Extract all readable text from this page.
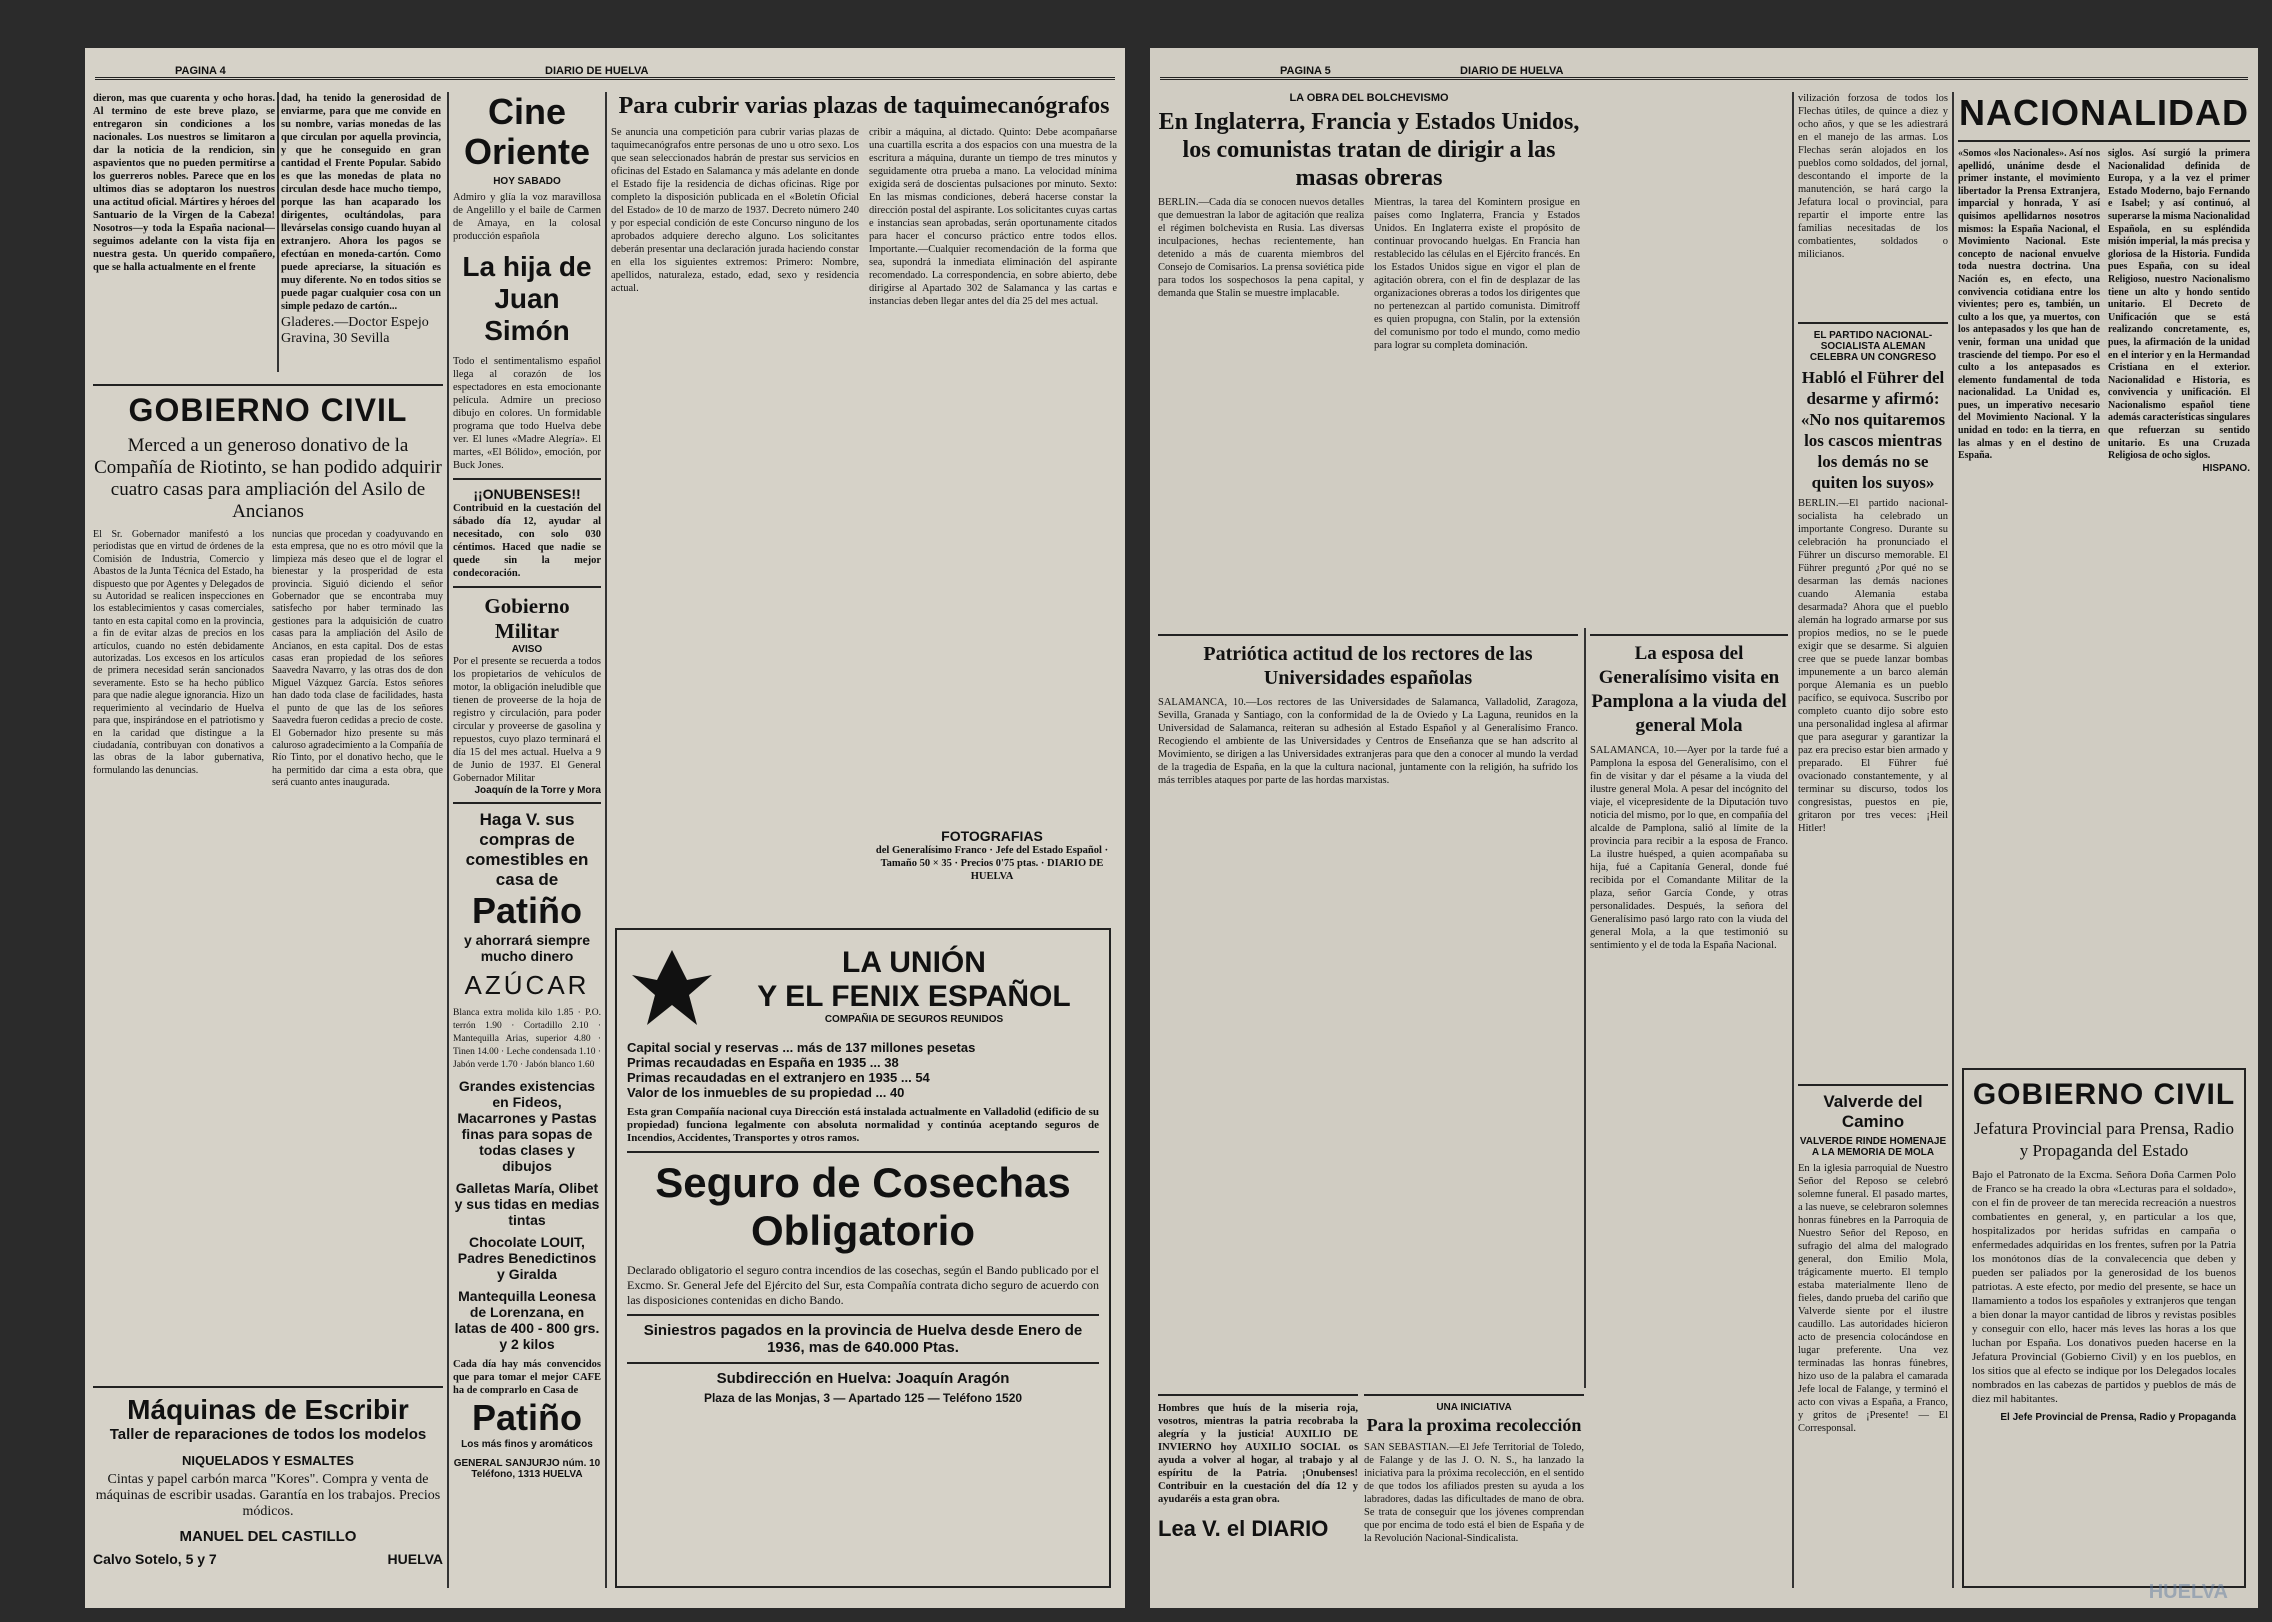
PAGINA 4	DIARIO DE HUELVA
dieron, mas que cuarenta y ocho horas. Al termino de este breve plazo, se entregaron sin condiciones a los nacionales. Los nuestros se limitaron a dar la noticia de la rendicion, sin aspavientos que no pueden permitirse a los guerreros nobles. Parece que en los ultimos dias se adoptaron los nuestros una actitud oficial. Mártires y héroes del Santuario de la Virgen de la Cabeza! Nosotros—y toda la España nacional—seguimos adelante con la vista fija en nuestra gesta. Un querido compañero, que se halla actualmente en el frente
dad, ha tenido la generosidad de enviarme, para que me convide en su nombre, varias monedas de las que circulan por aquella provincia, y que he conseguido en gran cantidad el Frente Popular. Sabido es que las monedas de plata no circulan desde hace mucho tiempo, porque las han acaparado los dirigentes, ocultándolas, para llevárselas consigo cuando huyan al extranjero. Ahora los pagos se efectúan en moneda-cartón. Como puede apreciarse, la situación es muy diferente. No en todos sitios se puede pagar cualquier cosa con un simple pedazo de cartón...
Gladeres.—Doctor Espejo
Gravina, 30 Sevilla
GOBIERNO CIVIL
Merced a un generoso donativo de la Compañía de Riotinto, se han podido adquirir cuatro casas para ampliación del Asilo de Ancianos
El Sr. Gobernador manifestó a los periodistas que en virtud de órdenes de la Comisión de Industria, Comercio y Abastos de la Junta Técnica del Estado, ha dispuesto que por Agentes y Delegados de su Autoridad se realicen inspecciones en los establecimientos y casas comerciales, tanto en esta capital como en la provincia, a fin de evitar alzas de precios en los artículos, cuando no estén debidamente autorizadas. Los excesos en los artículos de primera necesidad serán sancionados severamente. Esto se ha hecho público para que nadie alegue ignorancia. Hizo un requerimiento al vecindario de Huelva para que, inspirándose en el patriotismo y en la caridad que distingue a la ciudadanía, contribuyan con donativos a las obras de la labor gubernativa, formulando las denuncias.
nuncias que procedan y coadyuvando en esta empresa, que no es otro móvil que la limpieza más deseo que el de lograr el bienestar y la prosperidad de esta provincia. Siguió diciendo el señor Gobernador que se encontraba muy satisfecho por haber terminado las gestiones para la adquisición de cuatro casas para la ampliación del Asilo de Ancianos, en esta capital. Dos de estas casas eran propiedad de los señores Saavedra Navarro, y las otras dos de don Miguel Vázquez García. Estos señores han dado toda clase de facilidades, hasta el punto de que las de los señores Saavedra fueron cedidas a precio de coste. El Gobernador hizo presente su más caluroso agradecimiento a la Compañía de Río Tinto, por el donativo hecho, que le ha permitido dar cima a esta obra, que será cuanto antes inaugurada.
Máquinas de Escribir
Taller de reparaciones de todos los modelos
NIQUELADOS Y ESMALTES
Cintas y papel carbón marca "Kores". Compra y venta de máquinas de escribir usadas. Garantía en los trabajos. Precios módicos.
MANUEL DEL CASTILLO
Calvo Sotelo, 5 y 7	HUELVA
Cine Oriente
HOY SABADO
Admiro y glía la voz maravillosa de Angelillo y el baile de Carmen de Amaya, en la colosal producción española
La hija de Juan Simón
Todo el sentimentalismo español llega al corazón de los espectadores en esta emocionante película. Admire un precioso dibujo en colores. Un formidable programa que todo Huelva debe ver. El lunes «Madre Alegría». El martes, «El Bólido», emoción, por Buck Jones.
¡¡ONUBENSES!!
Contribuid en la cuestación del sábado día 12, ayudar al necesitado, con solo 030 céntimos. Haced que nadie se quede sin la mejor condecoración.
Gobierno Militar
AVISO
Por el presente se recuerda a todos los propietarios de vehículos de motor, la obligación ineludible que tienen de proveerse de la hoja de registro y circulación, para poder circular y proveerse de gasolina y repuestos, cuyo plazo terminará el día 15 del mes actual. Huelva a 9 de Junio de 1937. El General Gobernador Militar
Joaquín de la Torre y Mora
Haga V. sus compras de comestibles en casa de
Patiño
y ahorrará siempre mucho dinero
AZÚCAR
Blanca extra molida kilo 1.85 · P.O. terrón 1.90 · Cortadillo 2.10 · Mantequilla Arias, superior 4.80 · Tinen 14.00 · Leche condensada 1.10 · Jabón verde 1.70 · Jabón blanco 1.60
Grandes existencias en Fideos, Macarrones y Pastas finas para sopas de todas clases y dibujos
Galletas María, Olibet y sus tidas en medias tintas
Chocolate LOUIT, Padres Benedictinos y Giralda
Mantequilla Leonesa de Lorenzana, en latas de 400 - 800 grs. y 2 kilos
Cada día hay más convencidos que para tomar el mejor CAFE ha de comprarlo en Casa de
Patiño
Los más finos y aromáticos
GENERAL SANJURJO núm. 10
Teléfono, 1313 HUELVA
Para cubrir varias plazas de taquimecanógrafos
Se anuncia una competición para cubrir varias plazas de taquimecanógrafos entre personas de uno u otro sexo. Los que sean seleccionados habrán de prestar sus servicios en oficinas del Estado en Salamanca y más adelante en donde el Estado fije la residencia de dichas oficinas. Rige por completo la disposición publicada en el «Boletín Oficial del Estado» de 10 de marzo de 1937. Decreto número 240 y por especial condición de este Concurso ninguno de los aprobados adquiere derecho alguno. Los solicitantes deberán presentar una declaración jurada haciendo constar en ella los siguientes extremos: Primero: Nombre, apellidos, naturaleza, estado, edad, sexo y residencia actual.
cribir a máquina, al dictado. Quinto: Debe acompañarse una cuartilla escrita a dos espacios con una muestra de la escritura a máquina, durante un tiempo de tres minutos y seguidamente otra prueba a mano. La velocidad mínima exigida será de doscientas pulsaciones por minuto. Sexto: En las mismas condiciones, deberá hacerse constar la dirección postal del aspirante. Los solicitantes cuyas cartas e instancias sean aprobadas, serán oportunamente citados para hacer el concurso práctico entre todos ellos. Importante.—Cualquier recomendación de la forma que sea, supondrá la inmediata eliminación del aspirante recomendado. La correspondencia, en sobre abierto, debe dirigirse al Apartado 302 de Salamanca y las cartas e instancias deben llegar antes del día 25 del mes actual.
FOTOGRAFIAS
del Generalísimo Franco · Jefe del Estado Español · Tamaño 50 × 35 · Precios 0'75 ptas. · DIARIO DE HUELVA
LA UNIÓN
Y EL FENIX ESPAÑOL
COMPAÑIA DE SEGUROS REUNIDOS
Capital social y reservas ... más de 137 millones pesetas
Primas recaudadas en España en 1935 ... 38
Primas recaudadas en el extranjero en 1935 ... 54
Valor de los inmuebles de su propiedad ... 40
Esta gran Compañía nacional cuya Dirección está instalada actualmente en Valladolid (edificio de su propiedad) funciona legalmente con absoluta normalidad y continúa aceptando seguros de Incendios, Accidentes, Transportes y otros ramos.
Seguro de Cosechas Obligatorio
Declarado obligatorio el seguro contra incendios de las cosechas, según el Bando publicado por el Excmo. Sr. General Jefe del Ejército del Sur, esta Compañía contrata dicho seguro de acuerdo con las disposiciones contenidas en dicho Bando.
Siniestros pagados en la provincia de Huelva desde Enero de 1936, mas de 640.000 Ptas.
Subdirección en Huelva: Joaquín Aragón
Plaza de las Monjas, 3 — Apartado 125 — Teléfono 1520
PAGINA 5	DIARIO DE HUELVA
LA OBRA DEL BOLCHEVISMO
En Inglaterra, Francia y Estados Unidos, los comunistas tratan de dirigir a las masas obreras
BERLIN.—Cada día se conocen nuevos detalles que demuestran la labor de agitación que realiza el régimen bolchevista en Rusia. Las diversas inculpaciones, hechas recientemente, han detenido a más de cuarenta miembros del Consejo de Comisarios. La prensa soviética pide para todos los sospechosos la pena capital, y demanda que Stalin se muestre implacable.
Mientras, la tarea del Komintern prosigue en países como Inglaterra, Francia y Estados Unidos. En Inglaterra existe el propósito de continuar provocando huelgas. En Francia han restablecido las células en el Ejército francés. En los Estados Unidos sigue en vigor el plan de agitación obrera, con el fin de desplazar de las organizaciones obreras a todos los dirigentes que no pertenezcan al partido comunista. Dimitroff es quien propugna, con Stalin, por la extensión del comunismo por todo el mundo, como medio para lograr su completa dominación.
Patriótica actitud de los rectores de las Universidades españolas
SALAMANCA, 10.—Los rectores de las Universidades de Salamanca, Valladolid, Zaragoza, Sevilla, Granada y Santiago, con la conformidad de la de Oviedo y La Laguna, reunidos en la Universidad de Salamanca, reiteran su adhesión al Estado Español y al Generalísimo Franco. Recogiendo el ambiente de las Universidades y Centros de Enseñanza que se han adscrito al Movimiento, se dirigen a las Universidades extranjeras para que den a conocer al mundo la verdad de la tragedia de España, en la que la cultura nacional, juntamente con la religión, ha sufrido los más terribles ataques por parte de las hordas marxistas.
La esposa del Generalísimo visita en Pamplona a la viuda del general Mola
SALAMANCA, 10.—Ayer por la tarde fué a Pamplona la esposa del Generalísimo, con el fin de visitar y dar el pésame a la viuda del ilustre general Mola. A pesar del incógnito del viaje, el vicepresidente de la Diputación tuvo noticia del mismo, por lo que, en compañía del alcalde de Pamplona, salió al límite de la provincia para recibir a la esposa de Franco. La ilustre huésped, a quien acompañaba su hija, fué a Capitanía General, donde fué recibida por el Comandante Militar de la plaza, señor García Conde, y otras personalidades. Después, la señora del Generalísimo pasó largo rato con la viuda del general Mola, a la que testimonió su sentimiento y el de toda la España Nacional.
Hombres que huís de la miseria roja, vosotros, mientras la patria recobraba la alegría y la justicia! AUXILIO DE INVIERNO hoy AUXILIO SOCIAL os ayuda a volver al hogar, al trabajo y al espíritu de la Patria. ¡Onubenses! Contribuir en la cuestación del día 12 y ayudaréis a esta gran obra.
Lea V. el DIARIO
UNA INICIATIVA
Para la proxima recolección
SAN SEBASTIAN.—El Jefe Territorial de Toledo, de Falange y de las J. O. N. S., ha lanzado la iniciativa para la próxima recolección, en el sentido de que todos los afiliados presten su ayuda a los labradores, dadas las dificultades de mano de obra. Se trata de conseguir que los jóvenes comprendan que por encima de todo está el bien de España y de la Revolución Nacional-Sindicalista.
vilización forzosa de todos los Flechas útiles, de quince a diez y ocho años, y que se les adiestrará en el manejo de las armas. Los Flechas serán alojados en los pueblos como soldados, del jornal, descontando el importe de la manutención, se hará cargo la Jefatura local o provincial, para repartir el importe entre las familias necesitadas de los combatientes, soldados o milicianos.
EL PARTIDO NACIONAL-SOCIALISTA ALEMAN CELEBRA UN CONGRESO
Habló el Führer del desarme y afirmó: «No nos quitaremos los cascos mientras los demás no se quiten los suyos»
BERLIN.—El partido nacional-socialista ha celebrado un importante Congreso. Durante su celebración ha pronunciado el Führer un discurso memorable. El Führer preguntó ¿Por qué no se desarman las demás naciones cuando Alemania estaba desarmada? Ahora que el pueblo alemán ha logrado armarse por sus propios medios, no se le puede exigir que se desarme. Si alguien cree que se puede lanzar bombas impunemente a un barco alemán porque Alemania es un pueblo pacífico, se equivoca. Suscribo por completo cuanto dijo sobre esto una personalidad inglesa al afirmar que para asegurar y garantizar la paz era preciso estar bien armado y preparado. El Führer fué ovacionado constantemente, y al terminar su discurso, todos los congresistas, puestos en pie, gritaron por tres veces: ¡Heil Hitler!
Valverde del Camino
VALVERDE RINDE HOMENAJE A LA MEMORIA DE MOLA
En la iglesia parroquial de Nuestro Señor del Reposo se celebró solemne funeral. El pasado martes, a las nueve, se celebraron solemnes honras fúnebres en la Parroquia de Nuestro Señor del Reposo, en sufragio del alma del malogrado general, don Emilio Mola, trágicamente muerto. El templo estaba materialmente lleno de fieles, dando prueba del cariño que Valverde siente por el ilustre caudillo. Las autoridades hicieron acto de presencia colocándose en lugar preferente. Una vez terminadas las honras fúnebres, hizo uso de la palabra el camarada Jefe local de Falange, y terminó el acto con vivas a España, a Franco, y gritos de ¡Presente! — El Corresponsal.
NACIONALIDAD
«Somos «los Nacionales». Así nos apellidó, unánime desde el primer instante, el movimiento libertador la Prensa Extranjera, imparcial y honrada, Y así quisimos apellidarnos nosotros mismos: la España Nacional, el Movimiento Nacional. Este concepto de nacional envuelve toda nuestra doctrina. Una Nación es, en efecto, una convivencia cotidiana entre los vivientes; pero es, también, un culto a los que, ya muertos, con los antepasados y los que han de venir, forman una unidad que trasciende del tiempo. Por eso el culto a los antepasados es elemento fundamental de toda nacionalidad. La Unidad es, pues, un imperativo necesario del Movimiento Nacional. Y la unidad en todo: en la tierra, en las almas y en el destino de España.
siglos. Así surgió la primera Nacionalidad definida de Europa, y a la vez el primer Estado Moderno, bajo Fernando e Isabel; y así continuó, al superarse la misma Nacionalidad Española, en su espléndida misión imperial, la más precisa y gloriosa de la Historia. Fundida pues España, con su ideal Religioso, nuestro Nacionalismo tiene un alto y hondo sentido unitario. El Decreto de Unificación que se está realizando concretamente, es, pues, la afirmación de la unidad en el interior y en la Hermandad Cristiana en el exterior. Nacionalidad e Historia, es convivencia y unificación. El Nacionalismo español tiene además características singulares que refuerzan su sentido unitario. Es una Cruzada Religiosa de ocho siglos.
HISPANO.
GOBIERNO CIVIL
Jefatura Provincial para Prensa, Radio y Propaganda del Estado
Bajo el Patronato de la Excma. Señora Doña Carmen Polo de Franco se ha creado la obra «Lecturas para el soldado», con el fin de proveer de tan merecida recreación a nuestros combatientes en general, y, en particular a los que, hospitalizados por heridas sufridas en campaña o enfermedades adquiridas en los frentes, sufren por la Patria los monótonos días de la convalecencia que deben y pueden ser paliados por la generosidad de los buenos patriotas. A este efecto, por medio del presente, se hace un llamamiento a todos los españoles y extranjeros que tengan a bien donar la mayor cantidad de libros y revistas posibles y conseguir con ello, hacer más leves las horas a los que luchan por España. Los donativos pueden hacerse en la Jefatura Provincial (Gobierno Civil) y en los pueblos, en los sitios que al efecto se indique por los Delegados locales nombrados en las cabezas de partidos y pueblos de más de diez mil habitantes.
El Jefe Provincial de Prensa, Radio y Propaganda
HUELVA
